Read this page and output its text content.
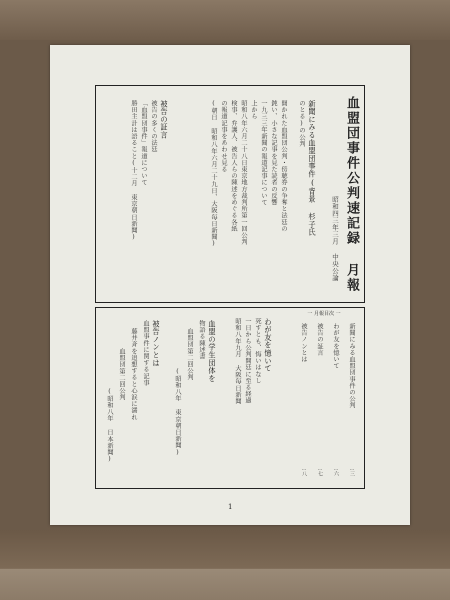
血盟団事件公判速記録 月報
昭和四三年三月 中央公論
新聞にみる血盟団事件(背景 杉子氏
のとる)の公判
開かれた血盟団公判・傍聴券の争奪と法廷の
鈍い、小さな記事を見た読者の反響
一九三三年新聞の報道記事について
上から
昭和八年六月二十八日東京地方裁判所第一回公判
検事、弁護人、被告人らの陳述をめぐる各紙
の報道記事をあわせ見る
(朝日 昭和八年六月二十九日、大阪毎日新聞)
被告の証言
被告の多くの法廷
「血盟団事件」報道について
勝田主計は語ること(十二月 東京朝日新聞)
一 月報目次 一
新聞にみる血盟団事件の公判
わが友を憶いて
被告の証言
被告ノンとは
…三
…六
…七
…八
わが友を憶いて
死すとも、悔いはなし
一日から公判開廷に至る経過
昭和八年九月 大阪毎日新聞
血盟の学生団体を
物語る陳述書
血盟団第二回公判
(昭和八年 東京朝日新聞)
被告ノンとは
血盟事件に関する記事
藤井斉を追想すると心涙に濡れ
血盟団第二回公判
(昭和八年 日本新聞)
1
